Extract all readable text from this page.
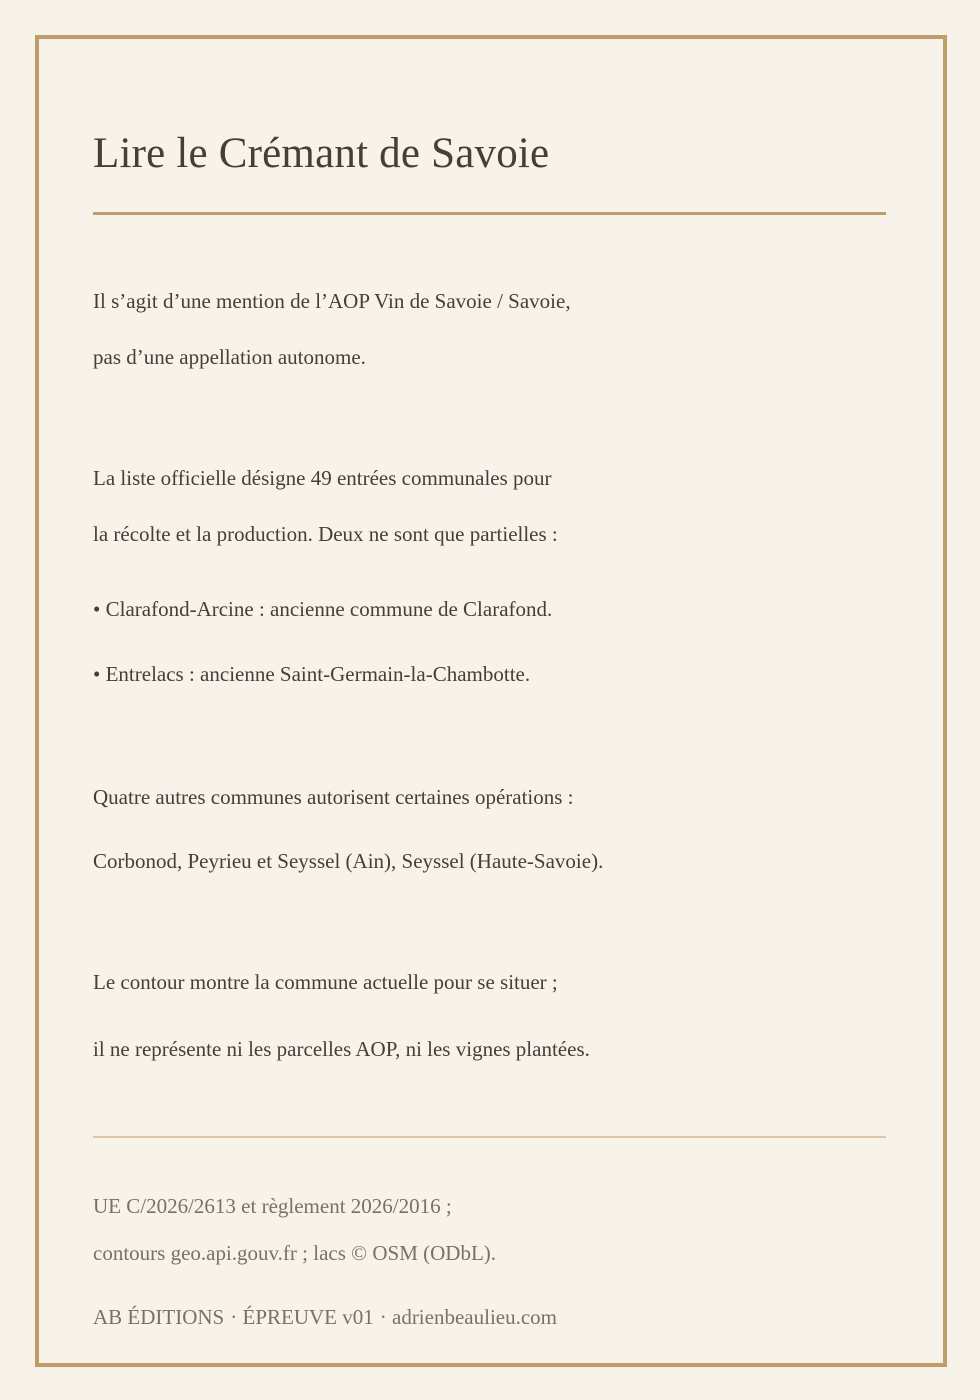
Lire le Crémant de Savoie

Il s’agit d’une mention de l’AOP Vin de Savoie / Savoie,

pas d’une appellation autonome.

La liste officielle désigne 49 entrées communales pour

la récolte et la production. Deux ne sont que partielles :

• Clarafond-Arcine : ancienne commune de Clarafond.

• Entrelacs : ancienne Saint-Germain-la-Chambotte.

Quatre autres communes autorisent certaines opérations :

Corbonod, Peyrieu et Seyssel (Ain), Seyssel (Haute-Savoie).

Le contour montre la commune actuelle pour se situer ;

il ne représente ni les parcelles AOP, ni les vignes plantées.

UE C/2026/2613 et règlement 2026/2016 ;

contours geo.api.gouv.fr ; lacs © OSM (ODbL).

AB ÉDITIONS · ÉPREUVE v01 · adrienbeaulieu.com
